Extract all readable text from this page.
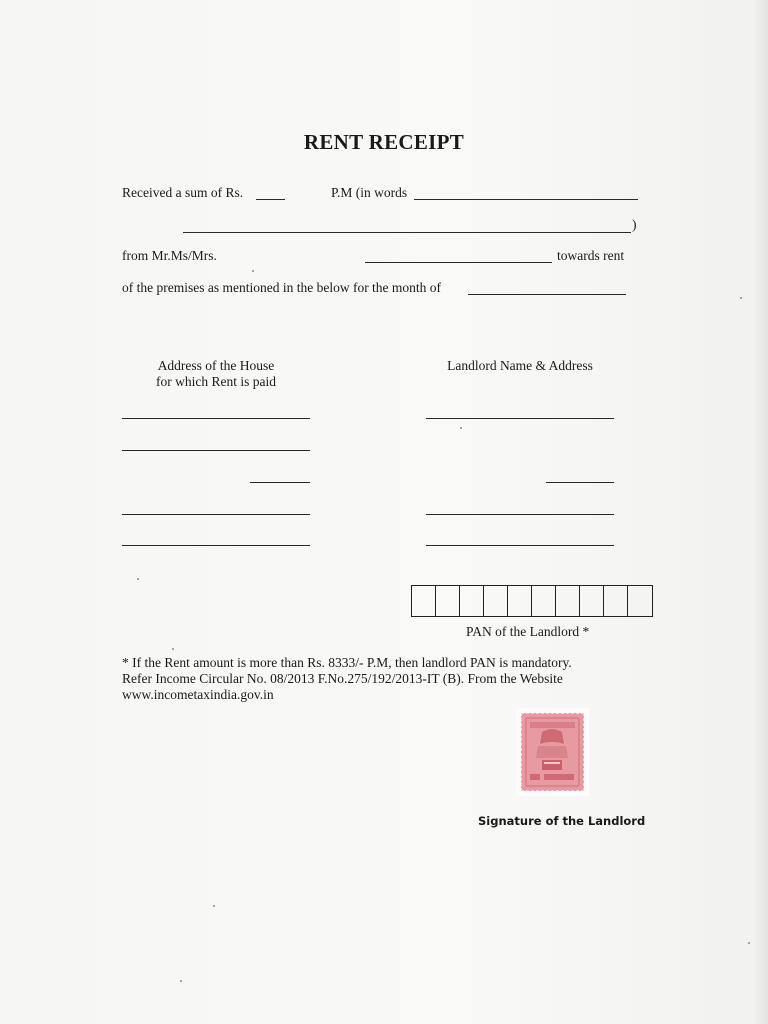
RENT RECEIPT
Received a sum of Rs.	P.M (in words
)
from Mr.Ms/Mrs.	towards rent
of the premises as mentioned in the below for the month of
Address of the House
for which Rent is paid
Landlord Name & Address
PAN of the Landlord *
* If the Rent amount is more than Rs. 8333/- P.M, then landlord PAN is mandatory.
Refer Income Circular No. 08/2013 F.No.275/192/2013-IT (B). From the Website
www.incometaxindia.gov.in
Signature of the Landlord
